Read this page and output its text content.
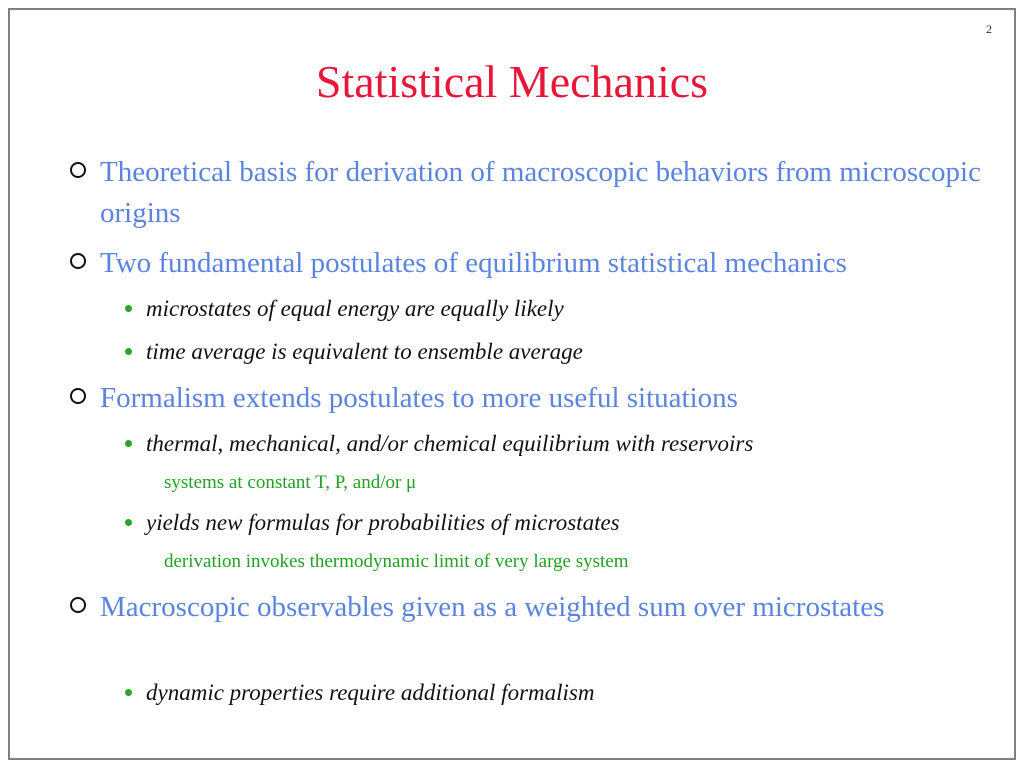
2
Statistical Mechanics
Theoretical basis for derivation of macroscopic behaviors from microscopic origins
Two fundamental postulates of equilibrium statistical mechanics
microstates of equal energy are equally likely
time average is equivalent to ensemble average
Formalism extends postulates to more useful situations
thermal, mechanical, and/or chemical equilibrium with reservoirs
systems at constant T, P, and/or μ
yields new formulas for probabilities of microstates
derivation invokes thermodynamic limit of very large system
Macroscopic observables given as a weighted sum over microstates
dynamic properties require additional formalism
